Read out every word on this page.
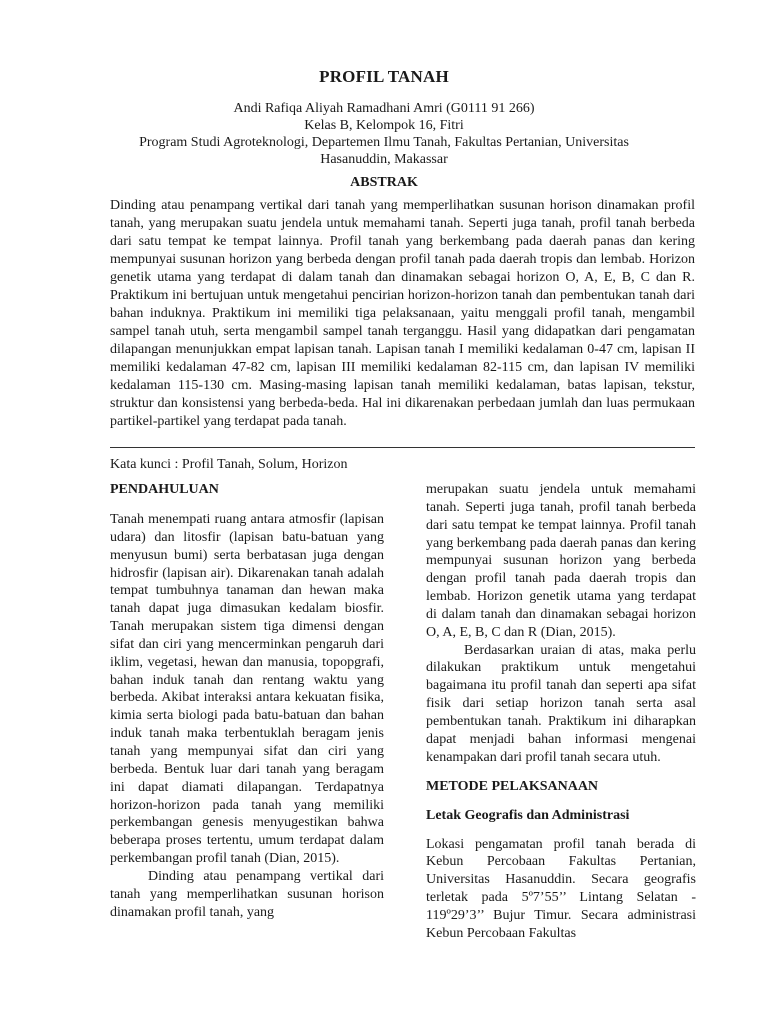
PROFIL TANAH
Andi Rafiqa Aliyah Ramadhani Amri (G0111 91 266)
Kelas B, Kelompok 16, Fitri
Program Studi Agroteknologi, Departemen Ilmu Tanah, Fakultas Pertanian, Universitas
Hasanuddin, Makassar
ABSTRAK

Dinding atau penampang vertikal dari tanah yang memperlihatkan susunan horison dinamakan profil tanah, yang merupakan suatu jendela untuk memahami tanah. Seperti juga tanah, profil tanah berbeda dari satu tempat ke tempat lainnya. Profil tanah yang berkembang pada daerah panas dan kering mempunyai susunan horizon yang berbeda dengan profil tanah pada daerah tropis dan lembab. Horizon genetik utama yang terdapat di dalam tanah dan dinamakan sebagai horizon O, A, E, B, C dan R. Praktikum ini bertujuan untuk mengetahui pencirian horizon-horizon tanah dan pembentukan tanah dari bahan induknya. Praktikum ini memiliki tiga pelaksanaan, yaitu menggali profil tanah, mengambil sampel tanah utuh, serta mengambil sampel tanah terganggu. Hasil yang didapatkan dari pengamatan dilapangan menunjukkan empat lapisan tanah. Lapisan tanah I memiliki kedalaman 0-47 cm, lapisan II memiliki kedalaman 47-82 cm, lapisan III memiliki kedalaman 82-115 cm, dan lapisan IV memiliki kedalaman 115-130 cm. Masing-masing lapisan tanah memiliki kedalaman, batas lapisan, tekstur, struktur dan konsistensi yang berbeda-beda. Hal ini dikarenakan perbedaan jumlah dan luas permukaan partikel-partikel yang terdapat pada tanah.

Kata kunci : Profil Tanah, Solum, Horizon
PENDAHULUAN

Tanah menempati ruang antara atmosfir (lapisan udara) dan litosfir (lapisan batu-batuan yang menyusun bumi) serta berbatasan juga dengan hidrosfir (lapisan air). Dikarenakan tanah adalah tempat tumbuhnya tanaman dan hewan maka tanah dapat juga dimasukan kedalam biosfir. Tanah merupakan sistem tiga dimensi dengan sifat dan ciri yang mencerminkan pengaruh dari iklim, vegetasi, hewan dan manusia, topopgrafi, bahan induk tanah dan rentang waktu yang berbeda. Akibat interaksi antara kekuatan fisika, kimia serta biologi pada batu-batuan dan bahan induk tanah maka terbentuklah beragam jenis tanah yang mempunyai sifat dan ciri yang berbeda. Bentuk luar dari tanah yang beragam ini dapat diamati dilapangan. Terdapatnya horizon-horizon pada tanah yang memiliki perkembangan genesis menyugestikan bahwa beberapa proses tertentu, umum terdapat dalam perkembangan profil tanah (Dian, 2015).

Dinding atau penampang vertikal dari tanah yang memperlihatkan susunan horison dinamakan profil tanah, yang

merupakan suatu jendela untuk memahami tanah. Seperti juga tanah, profil tanah berbeda dari satu tempat ke tempat lainnya. Profil tanah yang berkembang pada daerah panas dan kering mempunyai susunan horizon yang berbeda dengan profil tanah pada daerah tropis dan lembab. Horizon genetik utama yang terdapat di dalam tanah dan dinamakan sebagai horizon O, A, E, B, C dan R (Dian, 2015).

Berdasarkan uraian di atas, maka perlu dilakukan praktikum untuk mengetahui bagaimana itu profil tanah dan seperti apa sifat fisik dari setiap horizon tanah serta asal pembentukan tanah. Praktikum ini diharapkan dapat menjadi bahan informasi mengenai kenampakan dari profil tanah secara utuh.

METODE PELAKSANAAN
Letak Geografis dan Administrasi

Lokasi pengamatan profil tanah berada di Kebun Percobaan Fakultas Pertanian, Universitas Hasanuddin. Secara geografis terletak pada 5º7’55’’ Lintang Selatan - 119º29’3’’ Bujur Timur. Secara administrasi Kebun Percobaan Fakultas
